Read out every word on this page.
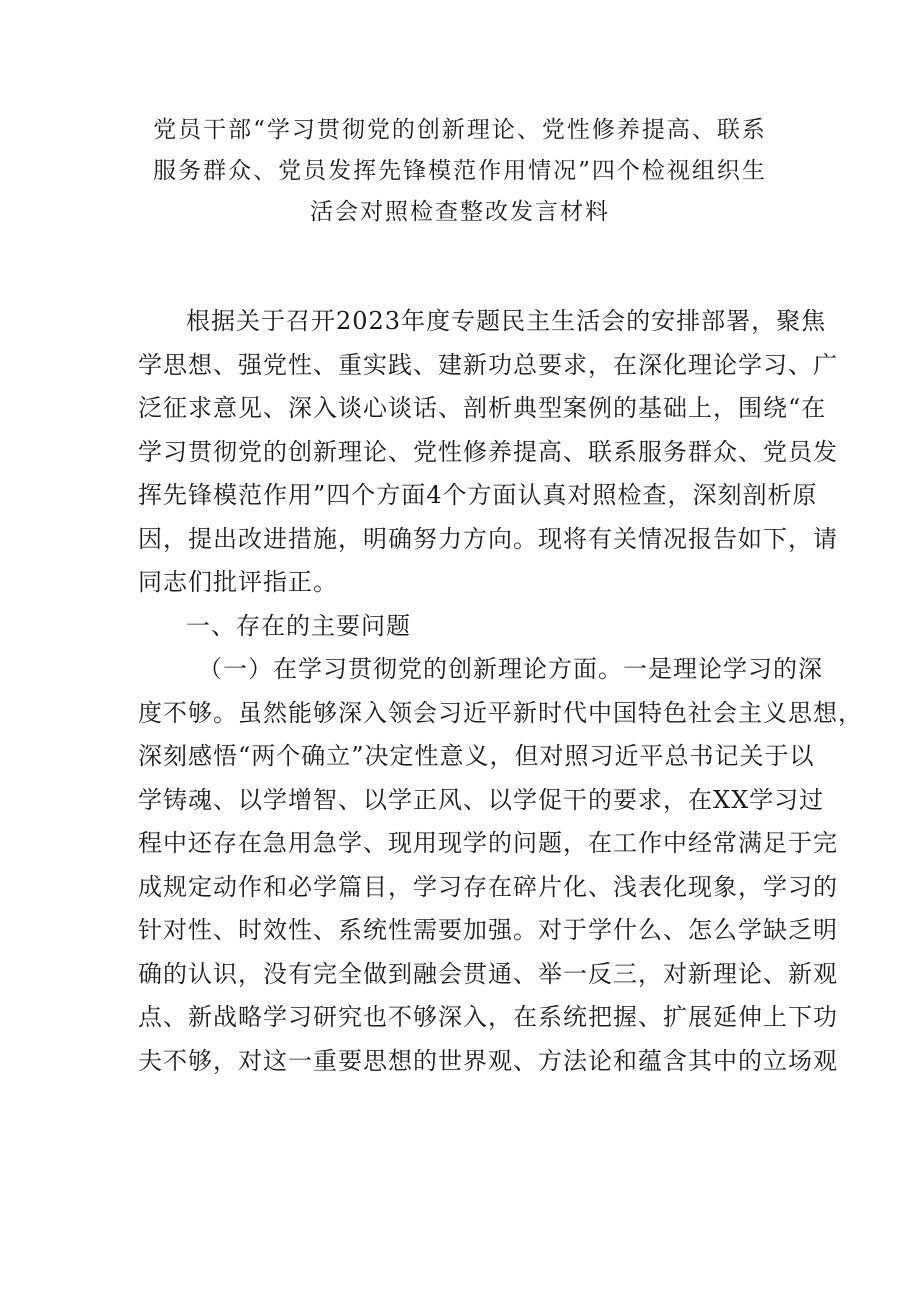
党员干部“学习贯彻党的创新理论、党性修养提高、联系
服务群众、党员发挥先锋模范作用情况”四个检视组织生
活会对照检查整改发言材料
根据关于召开2023年度专题民主生活会的安排部署，聚焦
学思想、强党性、重实践、建新功总要求，在深化理论学习、广
泛征求意见、深入谈心谈话、剖析典型案例的基础上，围绕“在
学习贯彻党的创新理论、党性修养提高、联系服务群众、党员发
挥先锋模范作用”四个方面4个方面认真对照检查，深刻剖析原
因，提出改进措施，明确努力方向。现将有关情况报告如下，请
同志们批评指正。
一、存在的主要问题
（一）在学习贯彻党的创新理论方面。一是理论学习的深
度不够。虽然能够深入领会习近平新时代中国特色社会主义思想，
深刻感悟“两个确立”决定性意义，但对照习近平总书记关于以
学铸魂、以学增智、以学正风、以学促干的要求，在XX学习过
程中还存在急用急学、现用现学的问题，在工作中经常满足于完
成规定动作和必学篇目，学习存在碎片化、浅表化现象，学习的
针对性、时效性、系统性需要加强。对于学什么、怎么学缺乏明
确的认识，没有完全做到融会贯通、举一反三，对新理论、新观
点、新战略学习研究也不够深入，在系统把握、扩展延伸上下功
夫不够，对这一重要思想的世界观、方法论和蕴含其中的立场观
